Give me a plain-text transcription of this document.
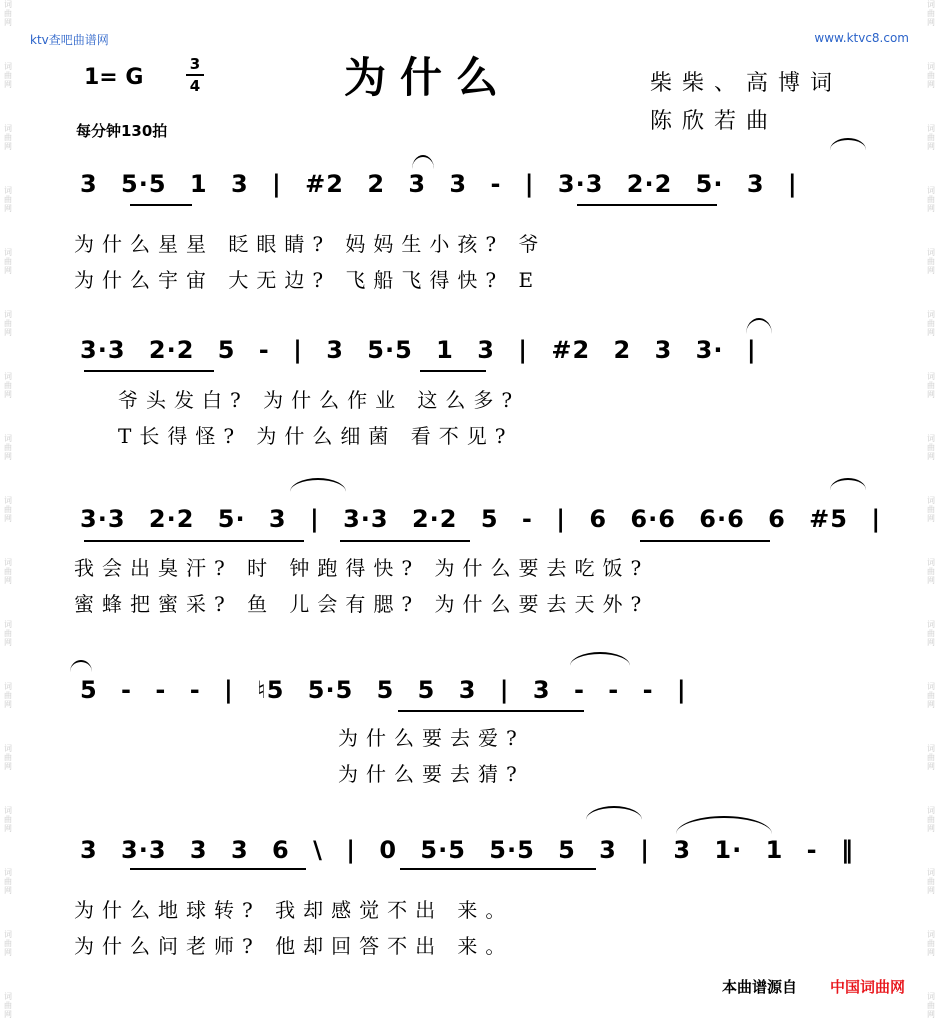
词
曲
网
词
曲
网
词
曲
网
词
曲
网
词
曲
网
词
曲
网
词
曲
网
词
曲
网
词
曲
网
词
曲
网
词
曲
网
词
曲
网
词
曲
网
词
曲
网
词
曲
网
词
曲
网
词
曲
网
词
曲
网
词
曲
网
词
曲
网
词
曲
网
词
曲
网
词
曲
网
词
曲
网
词
曲
网
词
曲
网
词
曲
网
词
曲
网
词
曲
网
词
曲
网
词
曲
网
词
曲
网
词
曲
网
词
曲
网
ktv查吧曲谱网	www.ktvc8.com
1= G
3
4	为什么	柴柴、高博词
陈欣若曲
每分钟130拍
3 5·5 1 3 | #2 2 3 3 - | 3·3 2·2 5· 3 |
为什么星星 眨眼睛? 妈妈生小孩? 爷
为什么宇宙 大无边? 飞船飞得快? E
3·3 2·2 5 - | 3 5·5 1 3 | #2 2 3 3· |
爷头发白? 为什么作业 这么多?
T长得怪? 为什么细菌 看不见?
3·3 2·2 5· 3 | 3·3 2·2 5 - | 6 6·6 6·6 6 #5 |
我会出臭汗? 时 钟跑得快? 为什么要去吃饭?
蜜蜂把蜜采? 鱼 儿会有腮? 为什么要去天外?
5 - - - | ♮5 5·5 5 5 3 | 3 - - - |
为什么要去爱?
为什么要去猜?
3 3·3 3 3 6 \ | 0 5·5 5·5 5 3 | 3 1· 1 - ‖
为什么地球转? 我却感觉不出 来。
为什么问老师? 他却回答不出 来。
本曲谱源自 中国词曲网
